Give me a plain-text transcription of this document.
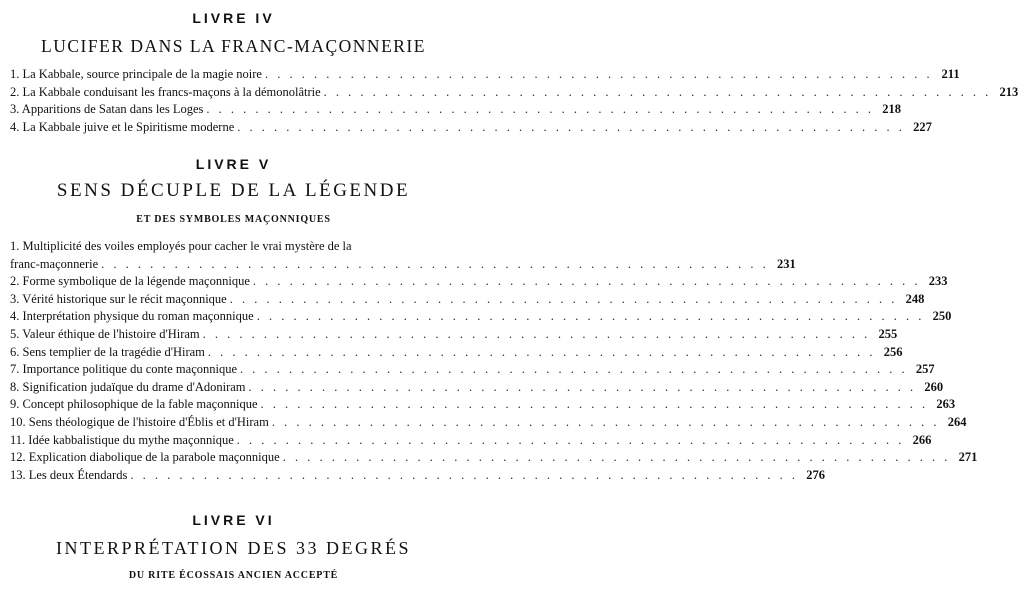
LIVRE IV
LUCIFER DANS LA FRANC-MAÇONNERIE
1. La Kabbale, source principale de la magie noire . . .	211
2. La Kabbale conduisant les francs-maçons à la démonolâtrie . . .	213
3. Apparitions de Satan dans les Loges . . .	218
4. La Kabbale juive et le Spiritisme moderne . . .	227
LIVRE V
SENS DÉCUPLE DE LA LÉGENDE
ET DES SYMBOLES MAÇONNIQUES
1. Multiplicité des voiles employés pour cacher le vrai mystère de la
franc-maçonnerie . . .	231
2. Forme symbolique de la légende maçonnique . . .	233
3. Vérité historique sur le récit maçonnique . . .	248
4. Interprétation physique du roman maçonnique . . .	250
5. Valeur éthique de l'histoire d'Hiram . . .	255
6. Sens templier de la tragédie d'Hiram . . .	256
7. Importance politique du conte maçonnique . . .	257
8. Signification judaïque du drame d'Adoniram . . .	260
9. Concept philosophique de la fable maçonnique . . .	263
10. Sens théologique de l'histoire d'Éblis et d'Hiram . . .	264
11. Idée kabbalistique du mythe maçonnique . . .	266
12. Explication diabolique de la parabole maçonnique . . .	271
13. Les deux Étendards . . .	276
LIVRE VI
INTERPRÉTATION DES 33 DEGRÉS
DU RITE ÉCOSSAIS ANCIEN ACCEPTÉ
